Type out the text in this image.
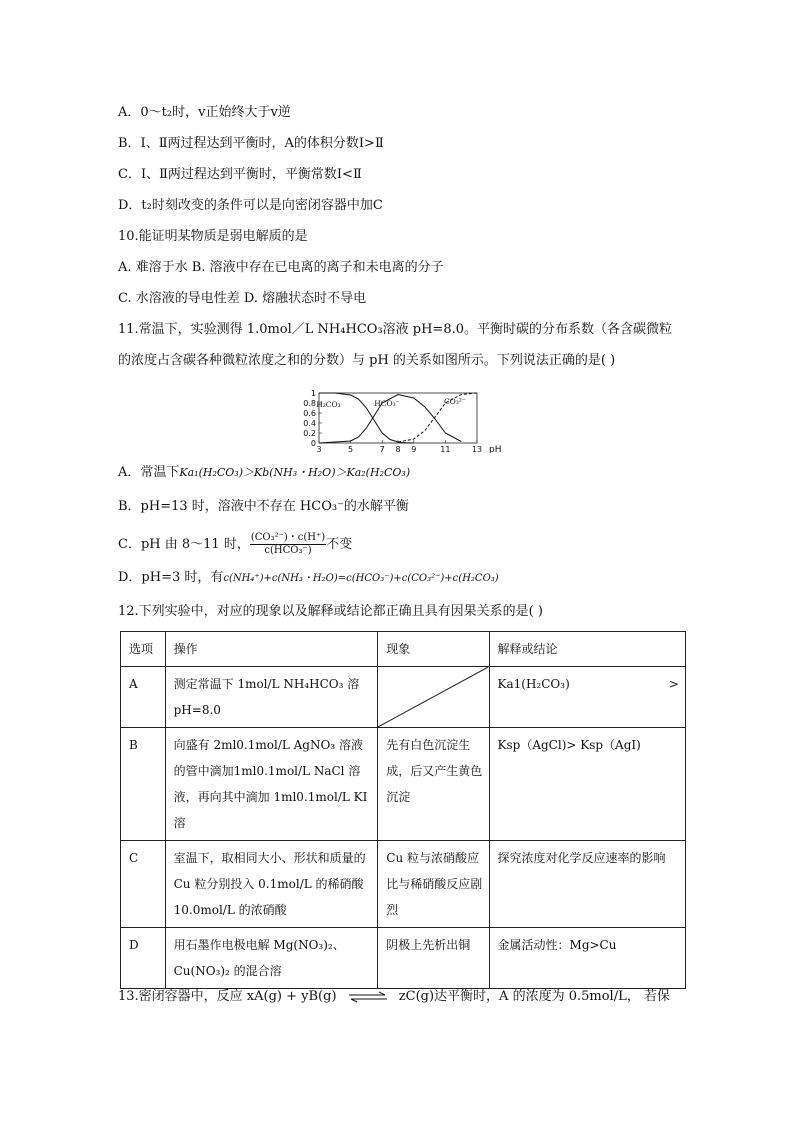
A．0～t₂时，v正始终大于v逆
B．Ⅰ、Ⅱ两过程达到平衡时，A的体积分数Ⅰ>Ⅱ
C．Ⅰ、Ⅱ两过程达到平衡时，平衡常数Ⅰ<Ⅱ
D．t₂时刻改变的条件可以是向密闭容器中加C
10.能证明某物质是弱电解质的是
A. 难溶于水 B. 溶液中存在已电离的离子和未电离的分子
C. 水溶液的导电性差 D. 熔融状态时不导电
11.常温下，实验测得 1.0mol／L NH₄HCO₃溶液 pH=8.0。平衡时碳的分布系数（各含碳微粒
的浓度占含碳各种微粒浓度之和的分数）与 pH 的关系如图所示。下列说法正确的是( )
1
0.8
0.6
0.4
0.2
0
3	5	7 8 9	11	13 pH
H₂CO₃	HCO₃⁻	CO₃²⁻
A．常温下Ka₁(H₂CO₃)＞Kb(NH₃・H₂O)＞Ka₂(H₂CO₃)
B．pH=13 时，溶液中不存在 HCO₃⁻的水解平衡
C．pH 由 8～11 时， $\frac{\text{(CO₃²⁻)・c(H⁺)}}{\text{c(HCO₃⁻)}}$ 不变
D．pH=3 时，有c(NH₄⁺)+c(NH₃・H₂O)=c(HCO₃⁻)+c(CO₃²⁻)+c(H₂CO₃)
12.下列实验中，对应的现象以及解释或结论都正确且具有因果关系的是( )
选项	操作	现象	解释或结论
A	测定常温下 1mol/L NH₄HCO₃ 溶pH=8.0		Ka1(H₂CO₃)                          >
B	向盛有 2ml0.1mol/L AgNO₃ 溶液的管中滴加1ml0.1mol/L NaCl 溶液，再向其中滴加 1ml0.1mol/L KI 溶	先有白色沉淀生成，后又产生黄色沉淀	Ksp（AgCl)> Ksp（AgI)
C	室温下，取相同大小、形状和质量的Cu 粒分别投入 0.1mol/L 的稀硝酸10.0mol/L 的浓硝酸	Cu 粒与浓硝酸应比与稀硝酸反应剧烈	探究浓度对化学反应速率的影响
D	用石墨作电极电解 Mg(NO₃)₂、Cu(NO₃)₂ 的混合溶	阴极上先析出铜	金属活动性：Mg>Cu
13.密闭容器中，反应 xA(g) + yB(g) ⇌ zC(g)达平衡时，A 的浓度为 0.5mol/L， 若保
